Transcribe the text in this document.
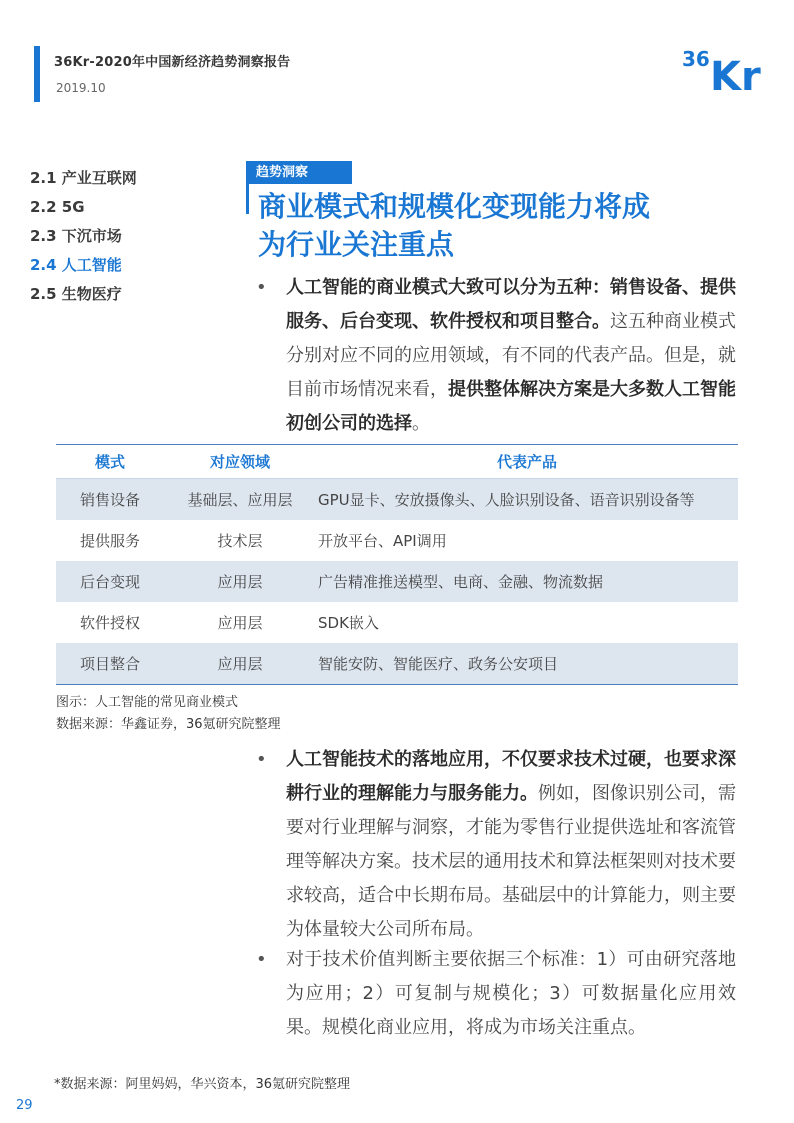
36Kr-2020年中国新经济趋势洞察报告
2019.10
36 Kr
2.1 产业互联网
2.2 5G
2.3 下沉市场
2.4 人工智能
2.5 生物医疗
趋势洞察
商业模式和规模化变现能力将成
为行业关注重点
• 人工智能的商业模式大致可以分为五种：销售设备、提供服务、后台变现、软件授权和项目整合。这五种商业模式分别对应不同的应用领域，有不同的代表产品。但是，就目前市场情况来看，提供整体解决方案是大多数人工智能初创公司的选择。
模式	对应领域	代表产品
销售设备	基础层、应用层	GPU显卡、安放摄像头、人脸识别设备、语音识别设备等
提供服务	技术层	开放平台、API调用
后台变现	应用层	广告精准推送模型、电商、金融、物流数据
软件授权	应用层	SDK嵌入
项目整合	应用层	智能安防、智能医疗、政务公安项目
图示：人工智能的常见商业模式
数据来源：华鑫证券，36氪研究院整理
• 人工智能技术的落地应用，不仅要求技术过硬，也要求深耕行业的理解能力与服务能力。例如，图像识别公司，需要对行业理解与洞察，才能为零售行业提供选址和客流管理等解决方案。技术层的通用技术和算法框架则对技术要求较高，适合中长期布局。基础层中的计算能力，则主要为体量较大公司所布局。
• 对于技术价值判断主要依据三个标准：1）可由研究落地为应用；2）可复制与规模化；3）可数据量化应用效果。规模化商业应用，将成为市场关注重点。
*数据来源：阿里妈妈，华兴资本，36氪研究院整理
29
